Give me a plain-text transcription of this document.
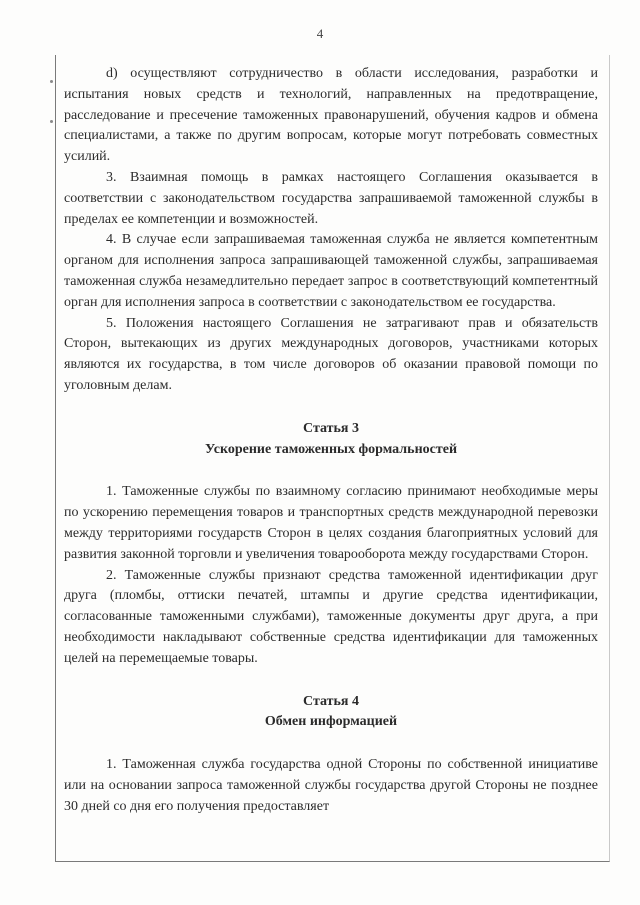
4

d) осуществляют сотрудничество в области исследования, разработки и испытания новых средств и технологий, направленных на предотвращение, расследование и пресечение таможенных правонарушений, обучения кадров и обмена специалистами, а также по другим вопросам, которые могут потребовать совместных усилий.

3. Взаимная помощь в рамках настоящего Соглашения оказывается в соответствии с законодательством государства запрашиваемой таможенной службы в пределах ее компетенции и возможностей.

4. В случае если запрашиваемая таможенная служба не является компетентным органом для исполнения запроса запрашивающей таможенной службы, запрашиваемая таможенная служба незамедлительно передает запрос в соответствующий компетентный орган для исполнения запроса в соответствии с законодательством ее государства.

5. Положения настоящего Соглашения не затрагивают прав и обязательств Сторон, вытекающих из других международных договоров, участниками которых являются их государства, в том числе договоров об оказании правовой помощи по уголовным делам.

Статья 3
Ускорение таможенных формальностей

1. Таможенные службы по взаимному согласию принимают необходимые меры по ускорению перемещения товаров и транспортных средств международной перевозки между территориями государств Сторон в целях создания благоприятных условий для развития законной торговли и увеличения товарооборота между государствами Сторон.

2. Таможенные службы признают средства таможенной идентификации друг друга (пломбы, оттиски печатей, штампы и другие средства идентификации, согласованные таможенными службами), таможенные документы друг друга, а при необходимости накладывают собственные средства идентификации для таможенных целей на перемещаемые товары.

Статья 4
Обмен информацией

1. Таможенная служба государства одной Стороны по собственной инициативе или на основании запроса таможенной службы государства другой Стороны не позднее 30 дней со дня его получения предоставляет
